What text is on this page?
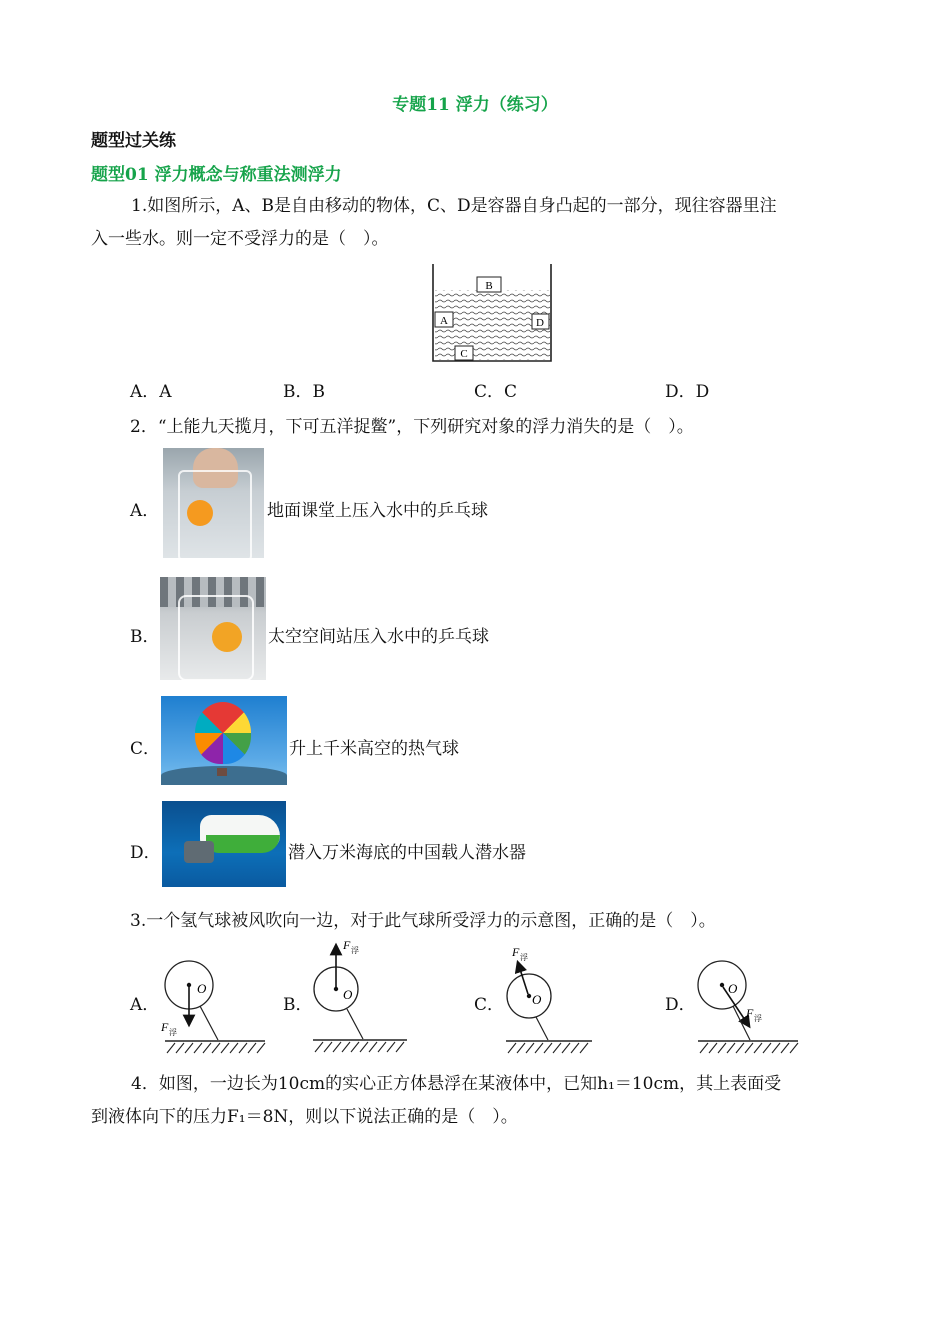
专题11 浮力（练习）
题型过关练
题型01 浮力概念与称重法测浮力
1.如图所示，A、B是自由移动的物体，C、D是容器自身凸起的一部分，现往容器里注
入一些水。则一定不受浮力的是（　）。
B
A	D
C
A．A	B．B	C．C	D．D
2．“上能九天揽月，下可五洋捉鳖”，下列研究对象的浮力消失的是（　）。
A．	地面课堂上压入水中的乒乓球
B．	太空空间站压入水中的乒乓球
C．	升上千米高空的热气球
D．	潜入万米海底的中国载人潜水器
3.一个氢气球被风吹向一边，对于此气球所受浮力的示意图，正确的是（　）。
A．	B．	C．	D．
O
F 浮
O
F 浮
O
F 浮
O
F 浮
4．如图，一边长为10cm的实心正方体悬浮在某液体中，已知h₁＝10cm，其上表面受
到液体向下的压力F₁＝8N，则以下说法正确的是（　）。
